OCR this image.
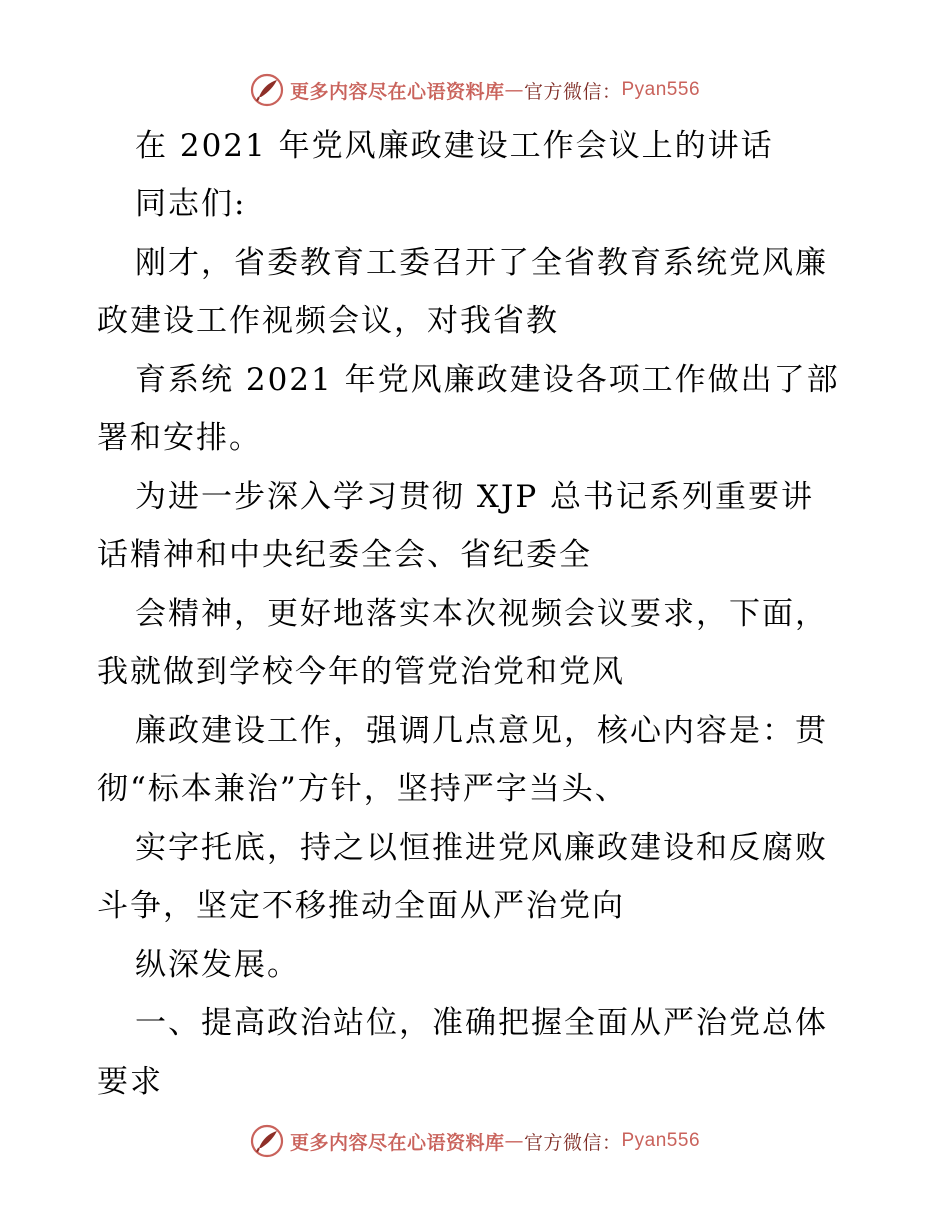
更多内容尽在心语资料库 — 官方微信： Pyan556
在 2021 年党风廉政建设工作会议上的讲话
同志们:
刚才，省委教育工委召开了全省教育系统党风廉
政建设工作视频会议，对我省教
育系统 2021 年党风廉政建设各项工作做出了部
署和安排。
为进一步深入学习贯彻 XJP 总书记系列重要讲
话精神和中央纪委全会、省纪委全
会精神，更好地落实本次视频会议要求，下面，
我就做到学校今年的管党治党和党风
廉政建设工作，强调几点意见，核心内容是：贯
彻“标本兼治”方针，坚持严字当头、
实字托底，持之以恒推进党风廉政建设和反腐败
斗争，坚定不移推动全面从严治党向
纵深发展。
一、提高政治站位，准确把握全面从严治党总体
要求
更多内容尽在心语资料库 — 官方微信： Pyan556
